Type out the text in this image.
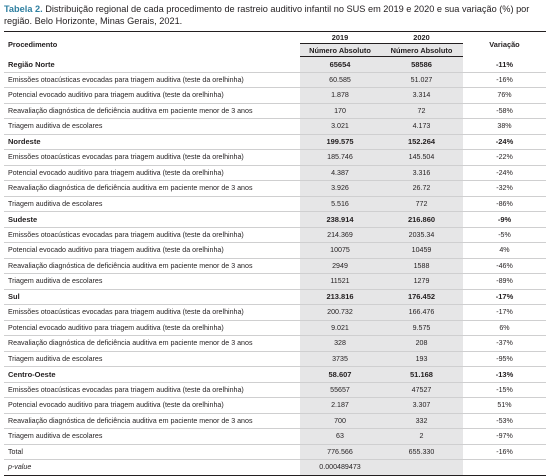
Tabela 2. Distribuição regional de cada procedimento de rastreio auditivo infantil no SUS em 2019 e 2020 e sua variação (%) por região. Belo Horizonte, Minas Gerais, 2021.
Procedimento	2019	2020	Variação
	Número Absoluto	Número Absoluto	
Região Norte	65654	58586	-11%
Emissões otoacústicas evocadas para triagem auditiva (teste da orelhinha)	60.585	51.027	-16%
Potencial evocado auditivo para triagem auditiva (teste da orelhinha)	1.878	3.314	76%
Reavaliação diagnóstica de deficiência auditiva em paciente menor de 3 anos	170	72	-58%
Triagem auditiva de escolares	3.021	4.173	38%
Nordeste	199.575	152.264	-24%
Emissões otoacústicas evocadas para triagem auditiva (teste da orelhinha)	185.746	145.504	-22%
Potencial evocado auditivo para triagem auditiva (teste da orelhinha)	4.387	3.316	-24%
Reavaliação diagnóstica de deficiência auditiva em paciente menor de 3 anos	3.926	26.72	-32%
Triagem auditiva de escolares	5.516	772	-86%
Sudeste	238.914	216.860	-9%
Emissões otoacústicas evocadas para triagem auditiva (teste da orelhinha)	214.369	2035.34	-5%
Potencial evocado auditivo para triagem auditiva (teste da orelhinha)	10075	10459	4%
Reavaliação diagnóstica de deficiência auditiva em paciente menor de 3 anos	2949	1588	-46%
Triagem auditiva de escolares	11521	1279	-89%
Sul	213.816	176.452	-17%
Emissões otoacústicas evocadas para triagem auditiva (teste da orelhinha)	200.732	166.476	-17%
Potencial evocado auditivo para triagem auditiva (teste da orelhinha)	9.021	9.575	6%
Reavaliação diagnóstica de deficiência auditiva em paciente menor de 3 anos	328	208	-37%
Triagem auditiva de escolares	3735	193	-95%
Centro-Oeste	58.607	51.168	-13%
Emissões otoacústicas evocadas para triagem auditiva (teste da orelhinha)	55657	47527	-15%
Potencial evocado auditivo para triagem auditiva (teste da orelhinha)	2.187	3.307	51%
Reavaliação diagnóstica de deficiência auditiva em paciente menor de 3 anos	700	332	-53%
Triagem auditiva de escolares	63	2	-97%
Total	776.566	655.330	-16%
p-value	0.000489473		
